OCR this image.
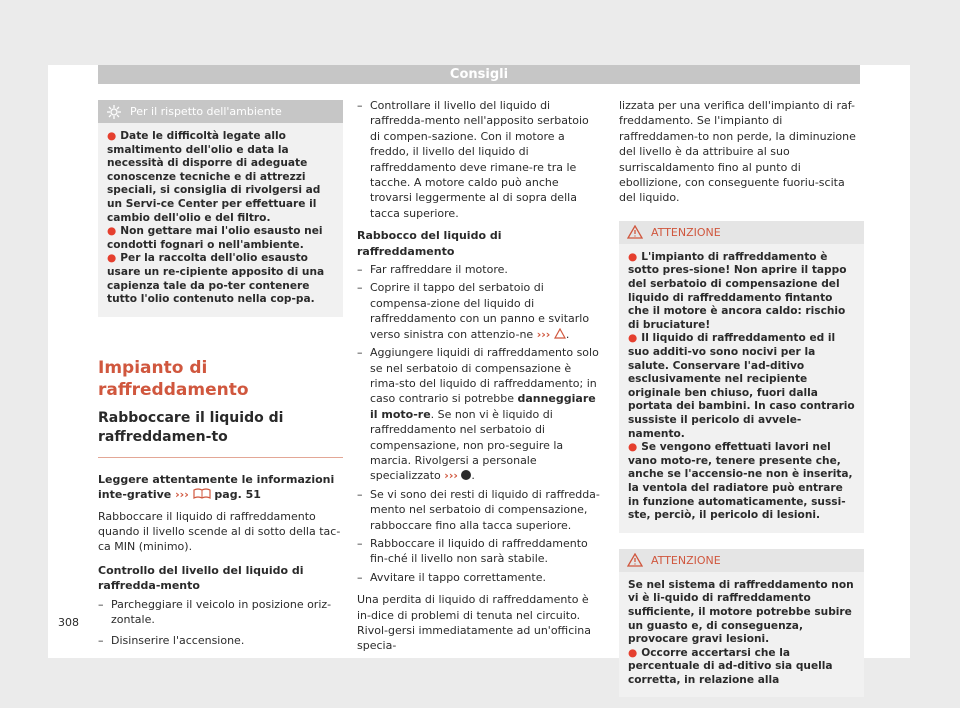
Consigli
Per il rispetto dell'ambiente
● Date le difficoltà legate allo smaltimento dell'olio e data la necessità di disporre di adeguate conoscenze tecniche e di attrezzi speciali, si consiglia di rivolgersi ad un Servi-ce Center per effettuare il cambio dell'olio e del filtro.
● Non gettare mai l'olio esausto nei condotti fognari o nell'ambiente.
● Per la raccolta dell'olio esausto usare un re-cipiente apposito di una capienza tale da po-ter contenere tutto l'olio contenuto nella cop-pa.
Impianto di raffreddamento
Rabboccare il liquido di raffreddamen-to

Leggere attentamente le informazioni inte-grative ››› pag. 51

Rabboccare il liquido di raffreddamento quando il livello scende al di sotto della tac-ca MIN (minimo).

Controllo del livello del liquido di raffredda-mento

– Parcheggiare il veicolo in posizione oriz-zontale.
– Disinserire l'accensione.
– Controllare il livello del liquido di raffredda-mento nell'apposito serbatoio di compen-sazione. Con il motore a freddo, il livello del liquido di raffreddamento deve rimane-re tra le tacche. A motore caldo può anche trovarsi leggermente al di sopra della tacca superiore.

Rabbocco del liquido di raffreddamento

– Far raffreddare il motore.
– Coprire il tappo del serbatoio di compensa-zione del liquido di raffreddamento con un panno e svitarlo verso sinistra con attenzio-ne ››› .
– Aggiungere liquidi di raffreddamento solo se nel serbatoio di compensazione è rima-sto del liquido di raffreddamento; in caso contrario si potrebbe danneggiare il moto-re. Se non vi è liquido di raffreddamento nel serbatoio di compensazione, non pro-seguire la marcia. Rivolgersi a personale specializzato ››› .
– Se vi sono dei resti di liquido di raffredda-mento nel serbatoio di compensazione, rabboccare fino alla tacca superiore.
– Rabboccare il liquido di raffreddamento fin-ché il livello non sarà stabile.
– Avvitare il tappo correttamente.

Una perdita di liquido di raffreddamento è in-dice di problemi di tenuta nel circuito. Rivol-gersi immediatamente ad un'officina specia-

lizzata per una verifica dell'impianto di raf-freddamento. Se l'impianto di raffreddamen-to non perde, la diminuzione del livello è da attribuire al suo surriscaldamento fino al punto di ebollizione, con conseguente fuoriu-scita del liquido.

ATTENZIONE
● L'impianto di raffreddamento è sotto pres-sione! Non aprire il tappo del serbatoio di compensazione del liquido di raffreddamento fintanto che il motore è ancora caldo: rischio di bruciature!
● Il liquido di raffreddamento ed il suo additi-vo sono nocivi per la salute. Conservare l'ad-ditivo esclusivamente nel recipiente originale ben chiuso, fuori dalla portata dei bambini. In caso contrario sussiste il pericolo di avvele-namento.
● Se vengono effettuati lavori nel vano moto-re, tenere presente che, anche se l'accensio-ne non è inserita, la ventola del radiatore può entrare in funzione automaticamente, sussi-ste, perciò, il pericolo di lesioni.
ATTENZIONE
Se nel sistema di raffreddamento non vi è li-quido di raffreddamento sufficiente, il motore potrebbe subire un guasto e, di conseguenza, provocare gravi lesioni.
● Occorre accertarsi che la percentuale di ad-ditivo sia quella corretta, in relazione alla
308
